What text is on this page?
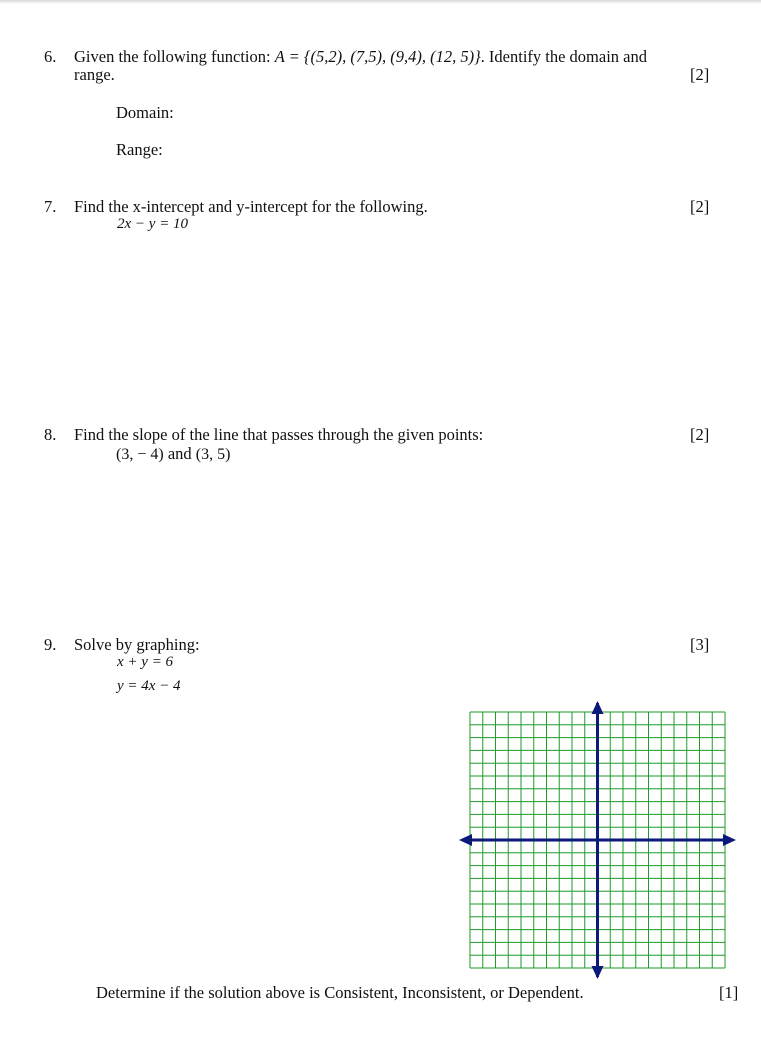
6. Given the following function: A = {(5,2), (7,5), (9,4), (12, 5)}. Identify the domain and
range.	[2]
Domain:
Range:
7. Find the x-intercept and y-intercept for the following.	[2]
2x − y = 10
8. Find the slope of the line that passes through the given points:	[2]
(3, − 4) and (3, 5)
9. Solve by graphing:	[3]
x + y = 6
y = 4x − 4
Determine if the solution above is Consistent, Inconsistent, or Dependent.	[1]
